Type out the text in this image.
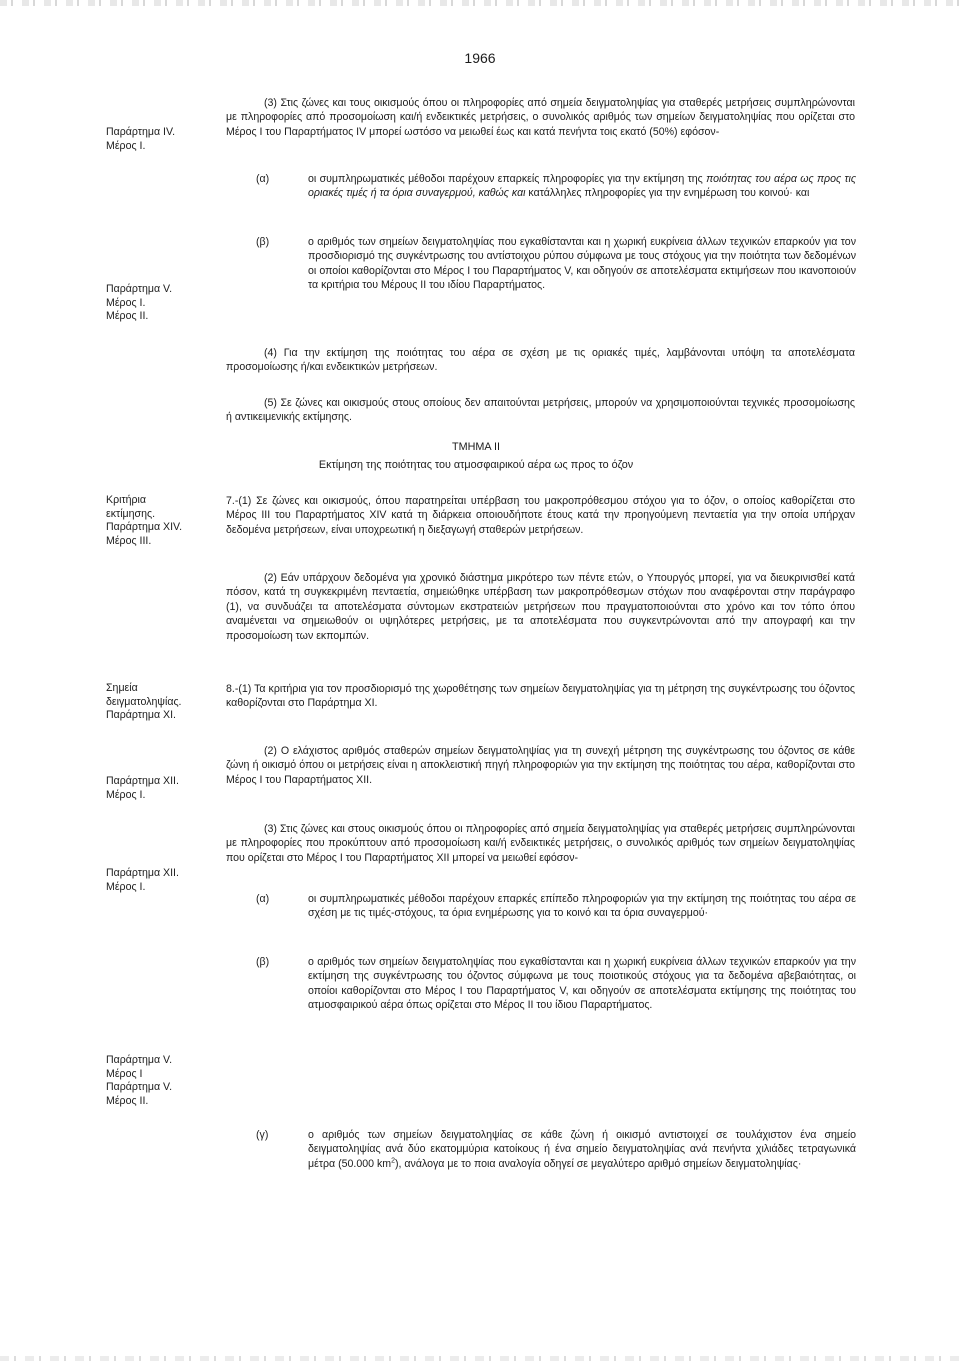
1966
Παράρτημα IV.
Μέρος Ι.
Παράρτημα V.
Μέρος Ι.
Μέρος ΙΙ.
Κριτήρια
εκτίμησης.
Παράρτημα XIV.
Μέρος ΙΙΙ.
Σημεία
δειγματοληψίας.
Παράρτημα XI.
Παράρτημα XII.
Μέρος Ι.
Παράρτημα XII.
Μέρος Ι.
Παράρτημα V.
Μέρος Ι
Παράρτημα V.
Μέρος ΙΙ.
(3) Στις ζώνες και τους οικισμούς όπου οι πληροφορίες από σημεία δειγματοληψίας για σταθερές μετρήσεις συμπληρώνονται με πληροφορίες από προσομοίωση και/ή ενδεικτικές μετρήσεις, ο συνολικός αριθμός των σημείων δειγματοληψίας που ορίζεται στο Μέρος Ι του Παραρτήματος IV μπορεί ωστόσο να μειωθεί έως και κατά πενήντα τοις εκατό (50%) εφόσον-
(α)	οι συμπληρωματικές μέθοδοι παρέχουν επαρκείς πληροφορίες για την εκτίμηση της ποιότητας του αέρα ως προς τις οριακές τιμές ή τα όρια συναγερμού, καθώς και κατάλληλες πληροφορίες για την ενημέρωση του κοινού· και
(β)	ο αριθμός των σημείων δειγματοληψίας που εγκαθίστανται και η χωρική ευκρίνεια άλλων τεχνικών επαρκούν για τον προσδιορισμό της συγκέντρωσης του αντίστοιχου ρύπου σύμφωνα με τους στόχους για την ποιότητα των δεδομένων οι οποίοι καθορίζονται στο Μέρος Ι του Παραρτήματος V, και οδηγούν σε αποτελέσματα εκτιμήσεων που ικανοποιούν τα κριτήρια του Μέρους ΙΙ του ιδίου Παραρτήματος.
(4) Για την εκτίμηση της ποιότητας του αέρα σε σχέση με τις οριακές τιμές, λαμβάνονται υπόψη τα αποτελέσματα προσομοίωσης ή/και ενδεικτικών μετρήσεων.
(5) Σε ζώνες και οικισμούς στους οποίους δεν απαιτούνται μετρήσεις, μπορούν να χρησιμοποιούνται τεχνικές προσομοίωσης ή αντικειμενικής εκτίμησης.
ΤΜΗΜΑ ΙΙ
Εκτίμηση της ποιότητας του ατμοσφαιρικού αέρα ως προς το όζον
7.-(1) Σε ζώνες και οικισμούς, όπου παρατηρείται υπέρβαση του μακροπρόθεσμου στόχου για το όζον, ο οποίος καθορίζεται στο Μέρος ΙΙΙ του Παραρτήματος XIV κατά τη διάρκεια οποιουδήποτε έτους κατά την προηγούμενη πενταετία για την οποία υπήρχαν δεδομένα μετρήσεων, είναι υποχρεωτική η διεξαγωγή σταθερών μετρήσεων.
(2) Εάν υπάρχουν δεδομένα για χρονικό διάστημα μικρότερο των πέντε ετών, ο Υπουργός μπορεί, για να διευκρινισθεί κατά πόσον, κατά τη συγκεκριμένη πενταετία, σημειώθηκε υπέρβαση των μακροπρόθεσμων στόχων που αναφέρονται στην παράγραφο (1), να συνδυάζει τα αποτελέσματα σύντομων εκστρατειών μετρήσεων που πραγματοποιούνται στο χρόνο και τον τόπο όπου αναμένεται να σημειωθούν οι υψηλότερες μετρήσεις, με τα αποτελέσματα που συγκεντρώνονται από την απογραφή και την προσομοίωση των εκπομπών.
8.-(1) Τα κριτήρια για τον προσδιορισμό της χωροθέτησης των σημείων δειγματοληψίας για τη μέτρηση της συγκέντρωσης του όζοντος καθορίζονται στο Παράρτημα XI.
(2) Ο ελάχιστος αριθμός σταθερών σημείων δειγματοληψίας για τη συνεχή μέτρηση της συγκέντρωσης του όζοντος σε κάθε ζώνη ή οικισμό όπου οι μετρήσεις είναι η αποκλειστική πηγή πληροφοριών για την εκτίμηση της ποιότητας του αέρα, καθορίζονται στο Μέρος Ι του Παραρτήματος XII.
(3) Στις ζώνες και στους οικισμούς όπου οι πληροφορίες από σημεία δειγματοληψίας για σταθερές μετρήσεις συμπληρώνονται με πληροφορίες που προκύπτουν από προσομοίωση και/ή ενδεικτικές μετρήσεις, ο συνολικός αριθμός των σημείων δειγματοληψίας που ορίζεται στο Μέρος Ι του Παραρτήματος XII μπορεί να μειωθεί εφόσον-
(α)	οι συμπληρωματικές μέθοδοι παρέχουν επαρκές επίπεδο πληροφοριών για την εκτίμηση της ποιότητας του αέρα σε σχέση με τις τιμές-στόχους, τα όρια ενημέρωσης για το κοινό και τα όρια συναγερμού·
(β)	ο αριθμός των σημείων δειγματοληψίας που εγκαθίστανται και η χωρική ευκρίνεια άλλων τεχνικών επαρκούν για την εκτίμηση της συγκέντρωσης του όζοντος σύμφωνα με τους ποιοτικούς στόχους για τα δεδομένα αβεβαιότητας, οι οποίοι καθορίζονται στο Μέρος Ι του Παραρτήματος V, και οδηγούν σε αποτελέσματα εκτίμησης της ποιότητας του ατμοσφαιρικού αέρα όπως ορίζεται στο Μέρος ΙΙ του ίδιου Παραρτήματος.
(γ)	ο αριθμός των σημείων δειγματοληψίας σε κάθε ζώνη ή οικισμό αντιστοιχεί σε τουλάχιστον ένα σημείο δειγματοληψίας ανά δύο εκατομμύρια κατοίκους ή ένα σημείο δειγματοληψίας ανά πενήντα χιλιάδες τετραγωνικά μέτρα (50.000 $km^2$), ανάλογα με το ποια αναλογία οδηγεί σε μεγαλύτερο αριθμό σημείων δειγματοληψίας·
